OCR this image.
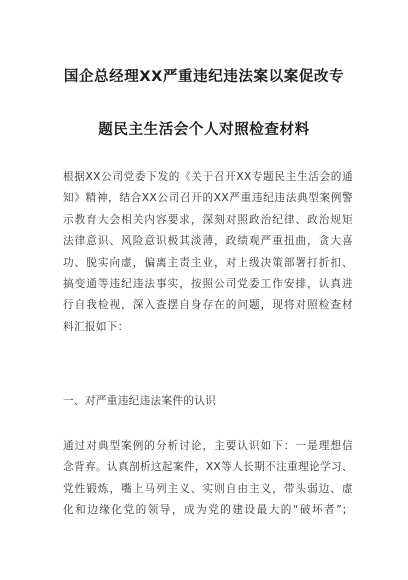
国企总经理XX严重违纪违法案以案促改专
题民主生活会个人对照检查材料
根据XX公司党委下发的《关于召开XX专题民主生活会的通
知》精神，结合XX公司召开的XX严重违纪违法典型案例警
示教育大会相关内容要求，深刻对照政治纪律、政治规矩
法律意识、风险意识极其淡薄，政绩观严重扭曲，贪大喜
功、脱实向虚，偏离主责主业，对上级决策部署打折扣、
搞变通等违纪违法事实，按照公司党委工作安排，认真进
行自我检视，深入查摆自身存在的问题，现将对照检查材
料汇报如下：
一、对严重违纪违法案件的认识
通过对典型案例的分析讨论，主要认识如下：一是理想信
念背弃。认真剖析这起案件，XX等人长期不注重理论学习、
党性锻炼，嘴上马列主义、实则自由主义，带头弱边、虚
化和边缘化党的领导，成为党的建设最大的“破坏者”；
